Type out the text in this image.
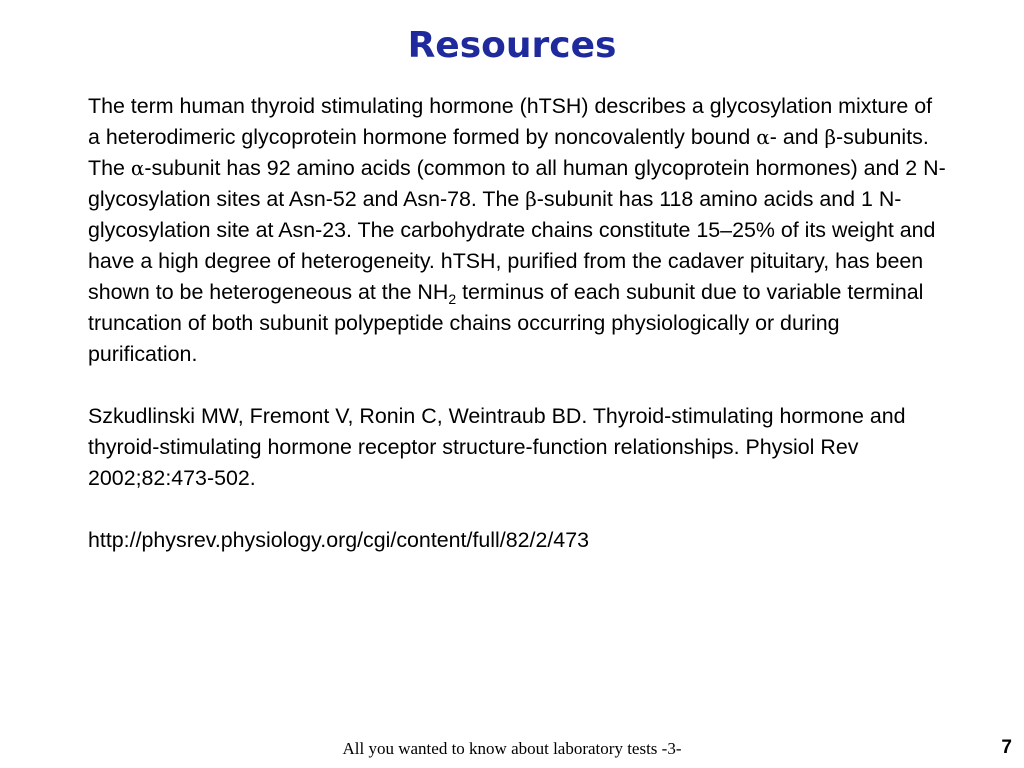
Resources

The term human thyroid stimulating hormone (hTSH) describes a glycosylation mixture of a heterodimeric glycoprotein hormone formed by noncovalently bound α- and β-subunits. The α-subunit has 92 amino acids (common to all human glycoprotein hormones) and 2 N-glycosylation sites at Asn-52 and Asn-78. The β-subunit has 118 amino acids and 1 N-glycosylation site at Asn-23. The carbohydrate chains constitute 15–25% of its weight and have a high degree of heterogeneity. hTSH, purified from the cadaver pituitary, has been shown to be heterogeneous at the $NH_2$ terminus of each subunit due to variable terminal truncation of both subunit polypeptide chains occurring physiologically or during purification.

Szkudlinski MW, Fremont V, Ronin C, Weintraub BD. Thyroid-stimulating hormone and thyroid-stimulating hormone receptor structure-function relationships. Physiol Rev 2002;82:473-502.

http://physrev.physiology.org/cgi/content/full/82/2/473

All you wanted to know about laboratory tests -3-	7
